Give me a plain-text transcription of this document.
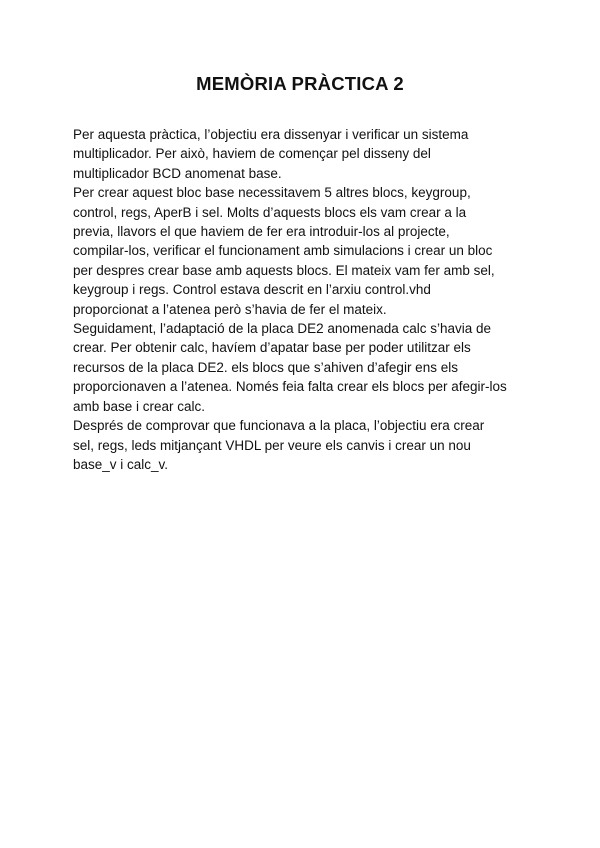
MEMÒRIA PRÀCTICA 2

Per aquesta pràctica, l’objectiu era dissenyar i verificar un sistema
multiplicador. Per això, haviem de començar pel disseny del
multiplicador BCD anomenat base.

Per crear aquest bloc base necessitavem 5 altres blocs, keygroup,
control, regs, AperB i sel. Molts d’aquests blocs els vam crear a la
previa, llavors el que haviem de fer era introduir-los al projecte,
compilar-los, verificar el funcionament amb simulacions i crear un bloc
per despres crear base amb aquests blocs. El mateix vam fer amb sel,
keygroup i regs. Control estava descrit en l’arxiu control.vhd
proporcionat a l’atenea però s’havia de fer el mateix.

Seguidament, l’adaptació de la placa DE2 anomenada calc s’havia de
crear. Per obtenir calc, havíem d’apatar base per poder utilitzar els
recursos de la placa DE2. els blocs que s’ahiven d’afegir ens els
proporcionaven a l’atenea. Només feia falta crear els blocs per afegir-los
amb base i crear calc.

Després de comprovar que funcionava a la placa, l’objectiu era crear
sel, regs, leds mitjançant VHDL per veure els canvis i crear un nou
base_v i calc_v.
